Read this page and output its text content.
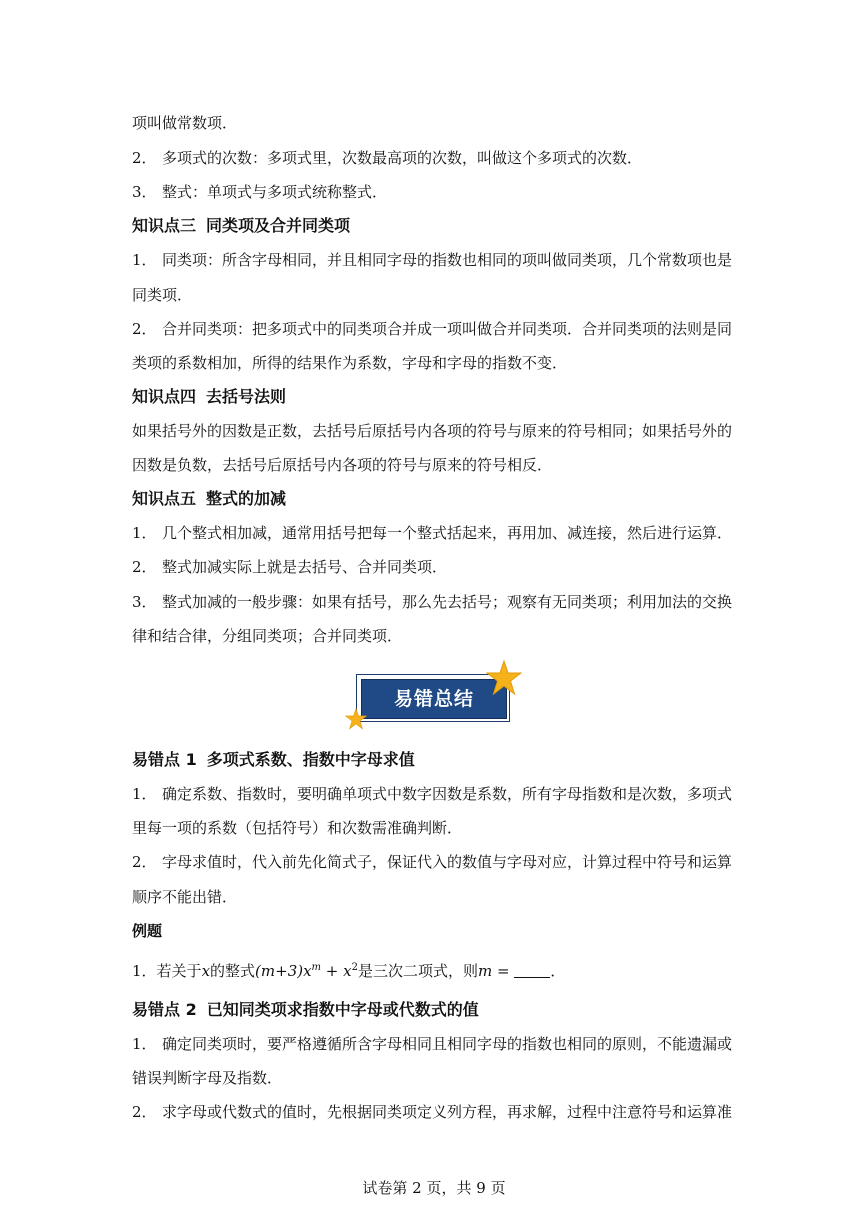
项叫做常数项．
2． 多项式的次数：多项式里，次数最高项的次数，叫做这个多项式的次数．
3． 整式：单项式与多项式统称整式．
知识点三 同类项及合并同类项
1． 同类项：所含字母相同，并且相同字母的指数也相同的项叫做同类项，几个常数项也是
同类项．
2． 合并同类项：把多项式中的同类项合并成一项叫做合并同类项．合并同类项的法则是同
类项的系数相加，所得的结果作为系数，字母和字母的指数不变．
知识点四 去括号法则
如果括号外的因数是正数，去括号后原括号内各项的符号与原来的符号相同；如果括号外的
因数是负数，去括号后原括号内各项的符号与原来的符号相反．
知识点五 整式的加减
1． 几个整式相加减，通常用括号把每一个整式括起来，再用加、减连接，然后进行运算．
2． 整式加减实际上就是去括号、合并同类项．
3． 整式加减的一般步骤：如果有括号，那么先去括号；观察有无同类项；利用加法的交换
律和结合律，分组同类项；合并同类项．
易错总结
易错点 1 多项式系数、指数中字母求值
1． 确定系数、指数时，要明确单项式中数字因数是系数，所有字母指数和是次数，多项式
里每一项的系数（包括符号）和次数需准确判断．
2． 字母求值时，代入前先化简式子，保证代入的数值与字母对应，计算过程中符号和运算
顺序不能出错．
例题
1．若关于x的整式$(m+3)x^m + x^2$是三次二项式，则m = ．
易错点 2 已知同类项求指数中字母或代数式的值
1． 确定同类项时，要严格遵循所含字母相同且相同字母的指数也相同的原则，不能遗漏或
错误判断字母及指数．
2． 求字母或代数式的值时，先根据同类项定义列方程，再求解，过程中注意符号和运算准
试卷第 2 页，共 9 页
